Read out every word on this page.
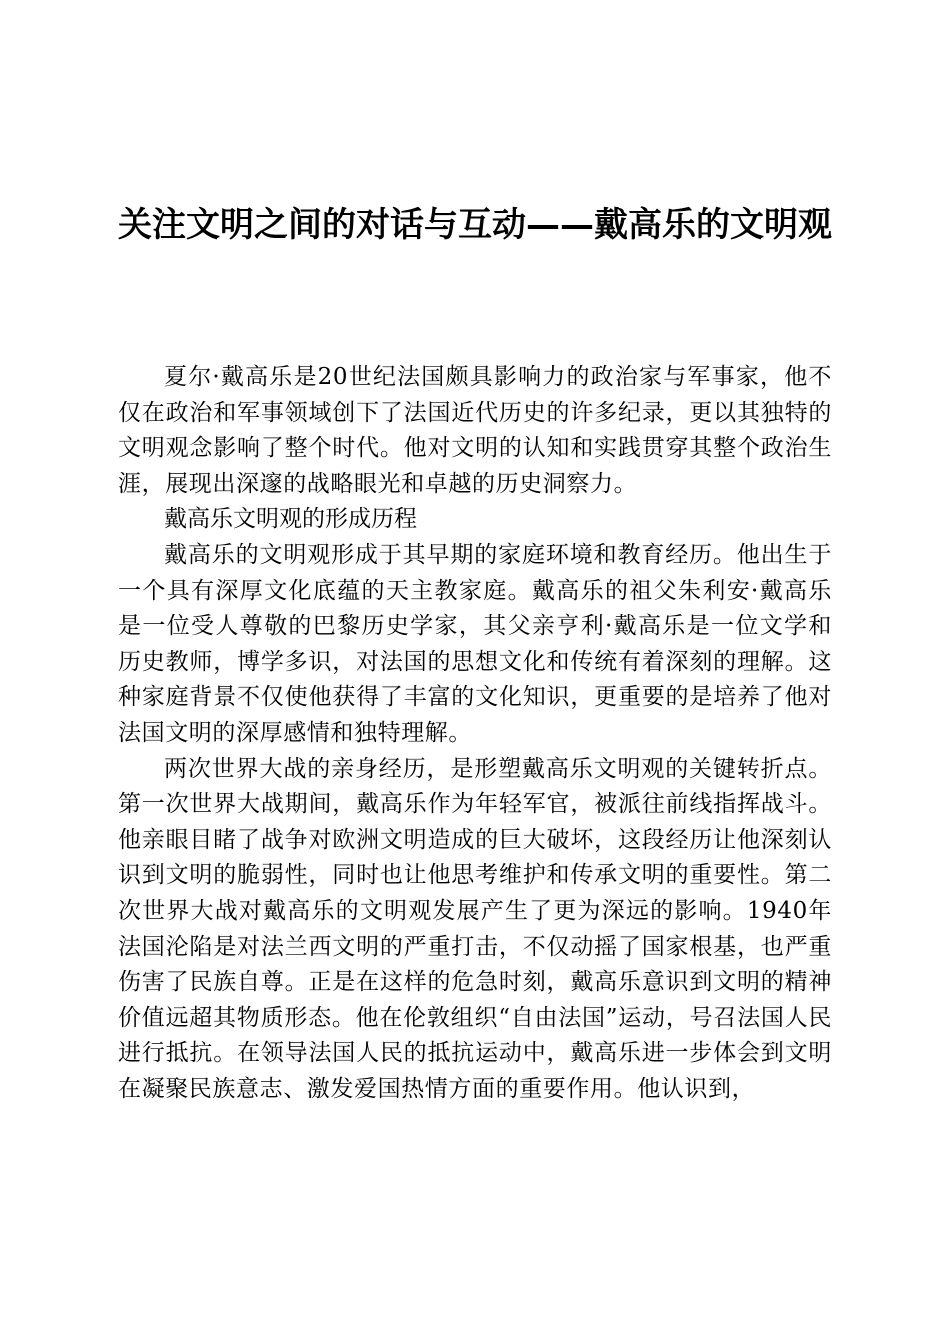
关注文明之间的对话与互动——戴高乐的文明观

夏尔·戴高乐是20世纪法国颇具影响力的政治家与军事家，他不仅在政治和军事领域创下了法国近代历史的许多纪录，更以其独特的文明观念影响了整个时代。他对文明的认知和实践贯穿其整个政治生涯，展现出深邃的战略眼光和卓越的历史洞察力。

戴高乐文明观的形成历程

戴高乐的文明观形成于其早期的家庭环境和教育经历。他出生于一个具有深厚文化底蕴的天主教家庭。戴高乐的祖父朱利安·戴高乐是一位受人尊敬的巴黎历史学家，其父亲亨利·戴高乐是一位文学和历史教师，博学多识，对法国的思想文化和传统有着深刻的理解。这种家庭背景不仅使他获得了丰富的文化知识，更重要的是培养了他对法国文明的深厚感情和独特理解。

两次世界大战的亲身经历，是形塑戴高乐文明观的关键转折点。第一次世界大战期间，戴高乐作为年轻军官，被派往前线指挥战斗。他亲眼目睹了战争对欧洲文明造成的巨大破坏，这段经历让他深刻认识到文明的脆弱性，同时也让他思考维护和传承文明的重要性。第二次世界大战对戴高乐的文明观发展产生了更为深远的影响。1940年法国沦陷是对法兰西文明的严重打击，不仅动摇了国家根基，也严重伤害了民族自尊。正是在这样的危急时刻，戴高乐意识到文明的精神价值远超其物质形态。他在伦敦组织“自由法国”运动，号召法国人民进行抵抗。在领导法国人民的抵抗运动中，戴高乐进一步体会到文明在凝聚民族意志、激发爱国热情方面的重要作用。他认识到，
